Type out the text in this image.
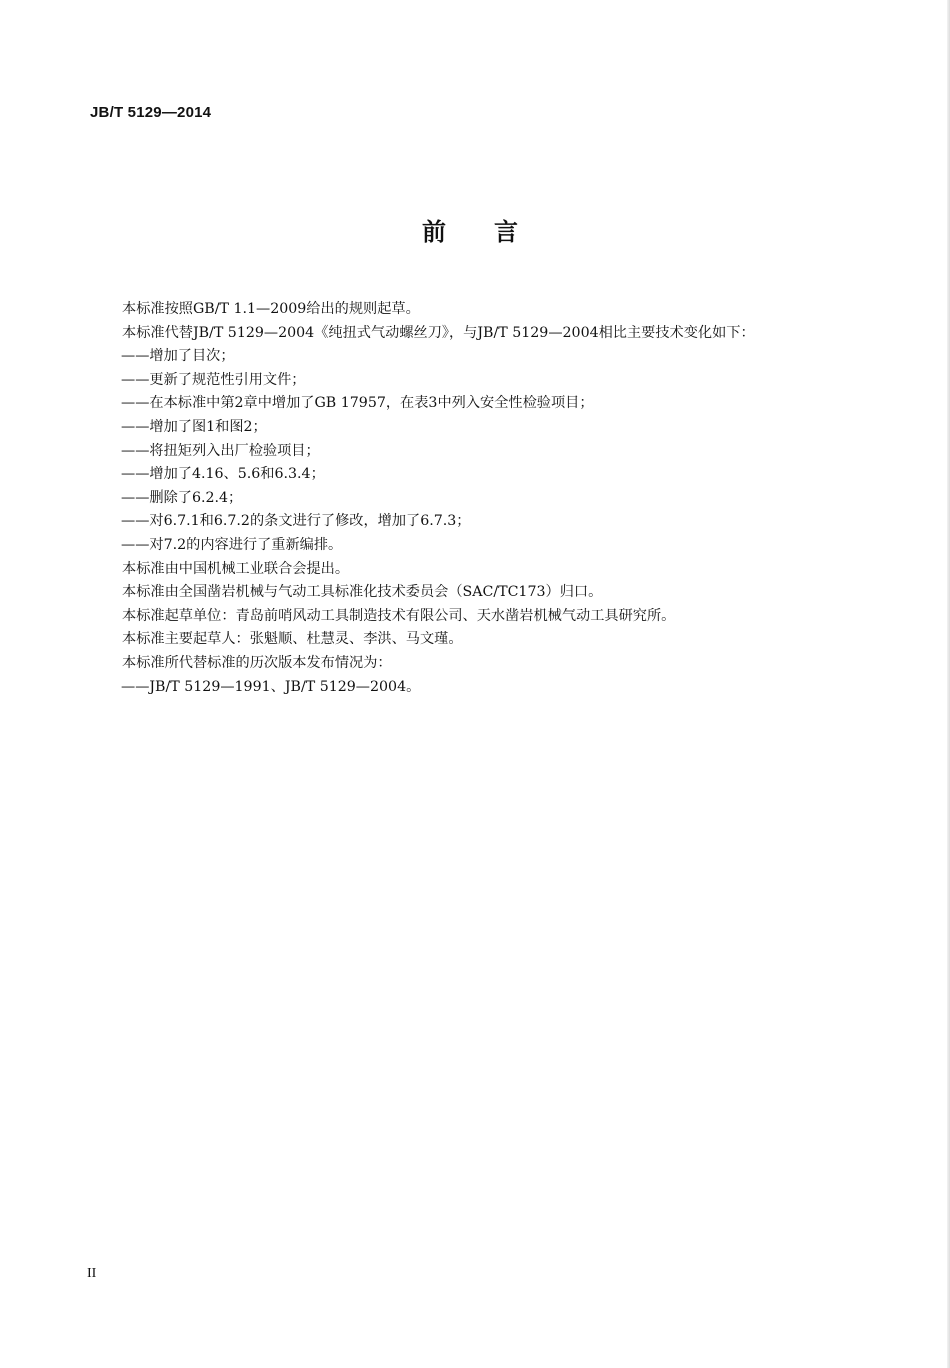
JB/T 5129—2014
前言
本标准按照GB/T 1.1—2009给出的规则起草。
本标准代替JB/T 5129—2004《纯扭式气动螺丝刀》，与JB/T 5129—2004相比主要技术变化如下：
——增加了目次；
——更新了规范性引用文件；
——在本标准中第2章中增加了GB 17957，在表3中列入安全性检验项目；
——增加了图1和图2；
——将扭矩列入出厂检验项目；
——增加了4.16、5.6和6.3.4；
——删除了6.2.4；
——对6.7.1和6.7.2的条文进行了修改，增加了6.7.3；
——对7.2的内容进行了重新编排。
本标准由中国机械工业联合会提出。
本标准由全国凿岩机械与气动工具标准化技术委员会（SAC/TC173）归口。
本标准起草单位：青岛前哨风动工具制造技术有限公司、天水凿岩机械气动工具研究所。
本标准主要起草人：张魁顺、杜慧灵、李洪、马文瑾。
本标准所代替标准的历次版本发布情况为：
——JB/T 5129—1991、JB/T 5129—2004。
II
